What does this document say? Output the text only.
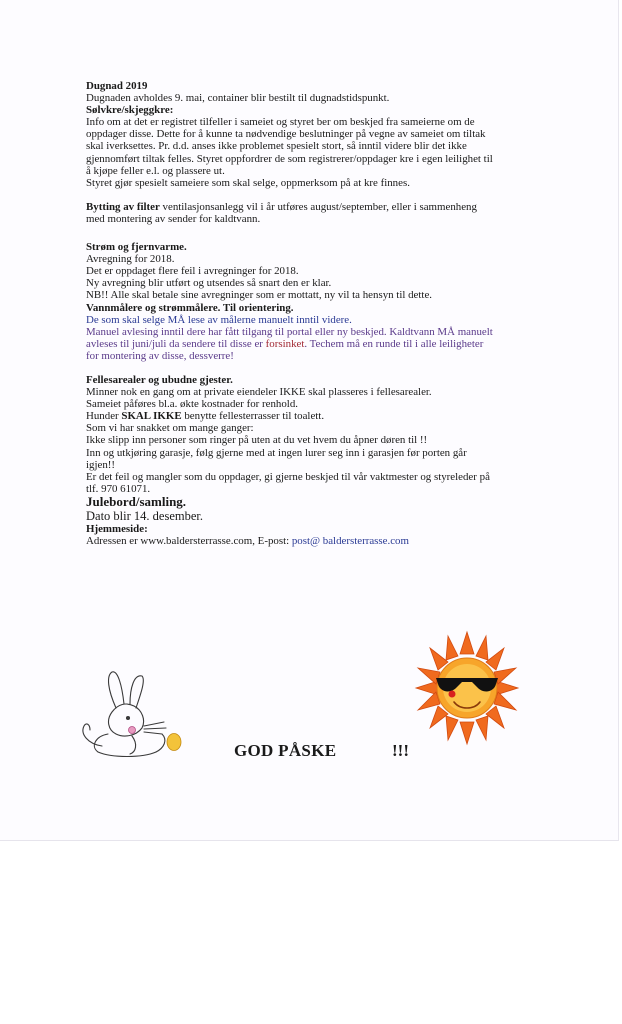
Dugnad 2019

Dugnaden avholdes 9. mai, container blir bestilt til dugnadstidspunkt.

Sølvkre/skjeggkre:

Info om at det er registret tilfeller i sameiet og styret ber om beskjed fra sameierne om de

oppdager disse. Dette for å kunne ta nødvendige beslutninger på vegne av sameiet om tiltak

skal iverksettes. Pr. d.d. anses ikke problemet spesielt stort, så inntil videre blir det ikke

gjennomført tiltak felles. Styret oppfordrer de som registrerer/oppdager kre i egen leilighet til

å kjøpe feller e.l. og plassere ut.

Styret gjør spesielt sameiere som skal selge, oppmerksom på at kre finnes.

Bytting av filter ventilasjonsanlegg vil i år utføres august/september, eller i sammenheng

med montering av sender for kaldtvann.

Strøm og fjernvarme.

Avregning for 2018.

Det er oppdaget flere feil i avregninger for 2018.

Ny avregning blir utført og utsendes så snart den er klar.

NB!! Alle skal betale sine avregninger som er mottatt, ny vil ta hensyn til dette.

Vannmålere og strømmålere. Til orientering.

De som skal selge MÅ lese av målerne manuelt inntil videre.

Manuel avlesing inntil dere har fått tilgang til portal eller ny beskjed. Kaldtvann MÅ manuelt

avleses til juni/juli da sendere til disse er forsinket. Techem må en runde til i alle leiligheter

for montering av disse, dessverre!

Fellesarealer og ubudne gjester.

Minner nok en gang om at private eiendeler IKKE skal plasseres i fellesarealer.

Sameiet påføres bl.a. økte kostnader for renhold.

Hunder SKAL IKKE benytte fellesterrasser til toalett.

Som vi har snakket om mange ganger:

Ikke slipp inn personer som ringer på uten at du vet hvem du åpner døren til !!

Inn og utkjøring garasje, følg gjerne med at ingen lurer seg inn i garasjen før porten går

igjen!!

Er det feil og mangler som du oppdager, gi gjerne beskjed til vår vaktmester og styreleder på

tlf. 970 61071.

Julebord/samling.

Dato blir 14. desember.

Hjemmeside:

Adressen er www.baldersterrasse.com, E-post: post@ baldersterrasse.com

GOD PÅSKE	!!!
